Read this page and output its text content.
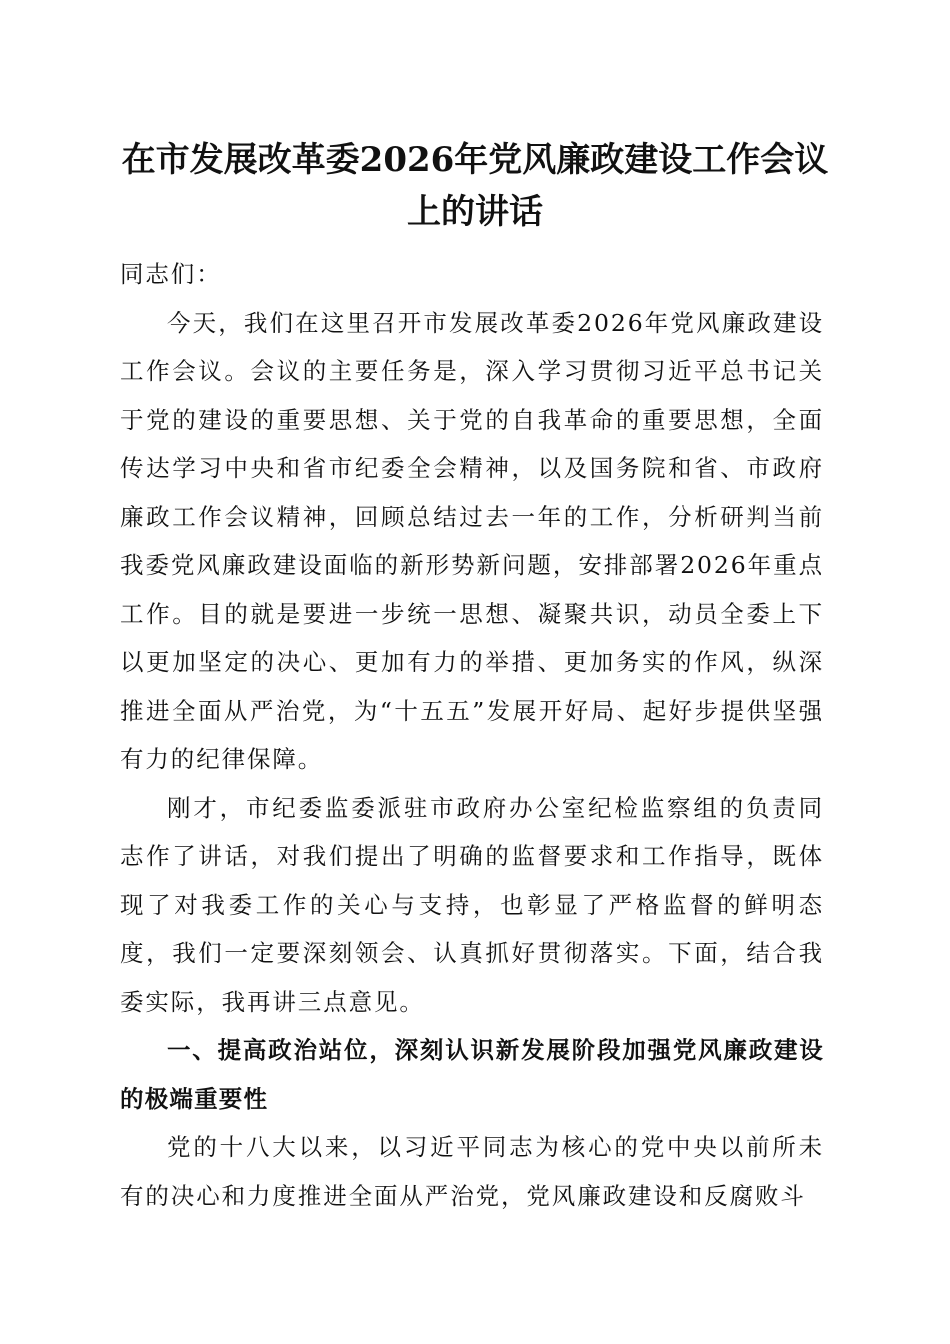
在市发展改革委2026年党风廉政建设工作会议上的讲话

同志们：

今天，我们在这里召开市发展改革委2026年党风廉政建设工作会议。会议的主要任务是，深入学习贯彻习近平总书记关于党的建设的重要思想、关于党的自我革命的重要思想，全面传达学习中央和省市纪委全会精神，以及国务院和省、市政府廉政工作会议精神，回顾总结过去一年的工作，分析研判当前我委党风廉政建设面临的新形势新问题，安排部署2026年重点工作。目的就是要进一步统一思想、凝聚共识，动员全委上下以更加坚定的决心、更加有力的举措、更加务实的作风，纵深推进全面从严治党，为“十五五”发展开好局、起好步提供坚强有力的纪律保障。

刚才，市纪委监委派驻市政府办公室纪检监察组的负责同志作了讲话，对我们提出了明确的监督要求和工作指导，既体现了对我委工作的关心与支持，也彰显了严格监督的鲜明态度，我们一定要深刻领会、认真抓好贯彻落实。下面，结合我委实际，我再讲三点意见。

一、提高政治站位，深刻认识新发展阶段加强党风廉政建设的极端重要性

党的十八大以来，以习近平同志为核心的党中央以前所未有的决心和力度推进全面从严治党，党风廉政建设和反腐败斗
